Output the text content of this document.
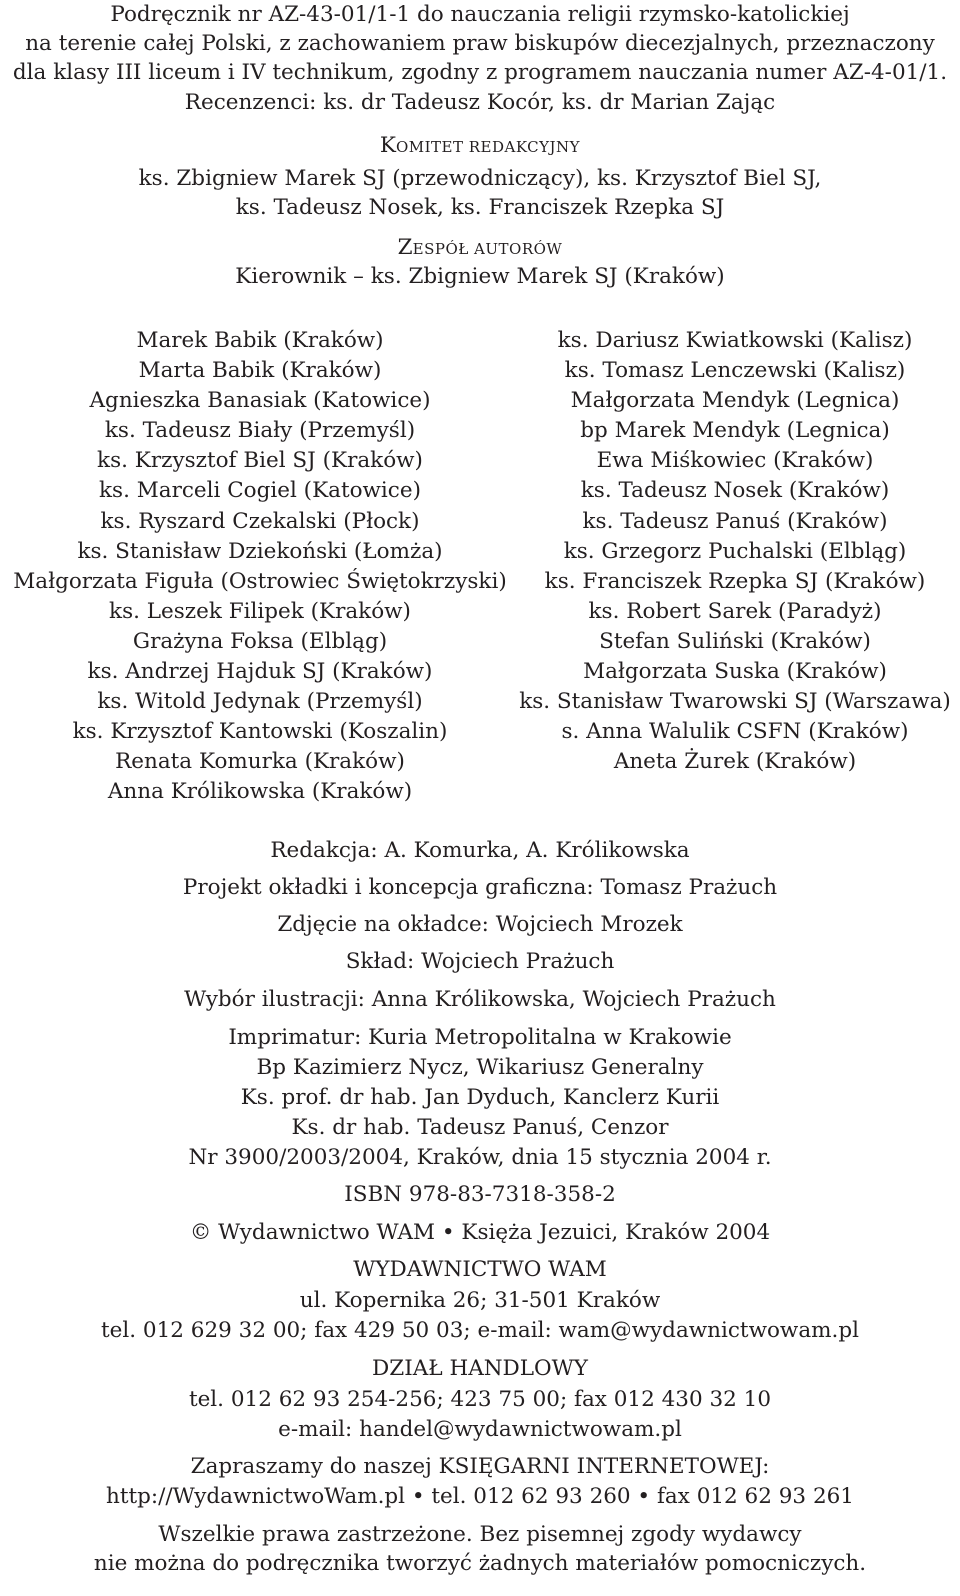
Podręcznik nr AZ-43-01/1-1 do nauczania religii rzymsko-katolickiej
na terenie całej Polski, z zachowaniem praw biskupów diecezjalnych, przeznaczony
dla klasy III liceum i IV technikum, zgodny z programem nauczania numer AZ-4-01/1.
Recenzenci: ks. dr Tadeusz Kocór, ks. dr Marian Zając
KOMITET REDAKCYJNY
ks. Zbigniew Marek SJ (przewodniczący), ks. Krzysztof Biel SJ,
ks. Tadeusz Nosek, ks. Franciszek Rzepka SJ
ZESPÓŁ AUTORÓW
Kierownik – ks. Zbigniew Marek SJ (Kraków)
Marek Babik (Kraków)
Marta Babik (Kraków)
Agnieszka Banasiak (Katowice)
ks. Tadeusz Biały (Przemyśl)
ks. Krzysztof Biel SJ (Kraków)
ks. Marceli Cogiel (Katowice)
ks. Ryszard Czekalski (Płock)
ks. Stanisław Dziekoński (Łomża)
Małgorzata Figuła (Ostrowiec Świętokrzyski)
ks. Leszek Filipek (Kraków)
Grażyna Foksa (Elbląg)
ks. Andrzej Hajduk SJ (Kraków)
ks. Witold Jedynak (Przemyśl)
ks. Krzysztof Kantowski (Koszalin)
Renata Komurka (Kraków)
Anna Królikowska (Kraków)
ks. Dariusz Kwiatkowski (Kalisz)
ks. Tomasz Lenczewski (Kalisz)
Małgorzata Mendyk (Legnica)
bp Marek Mendyk (Legnica)
Ewa Miśkowiec (Kraków)
ks. Tadeusz Nosek (Kraków)
ks. Tadeusz Panuś (Kraków)
ks. Grzegorz Puchalski (Elbląg)
ks. Franciszek Rzepka SJ (Kraków)
ks. Robert Sarek (Paradyż)
Stefan Suliński (Kraków)
Małgorzata Suska (Kraków)
ks. Stanisław Twarowski SJ (Warszawa)
s. Anna Walulik CSFN (Kraków)
Aneta Żurek (Kraków)
Redakcja: A. Komurka, A. Królikowska
Projekt okładki i koncepcja graficzna: Tomasz Prażuch
Zdjęcie na okładce: Wojciech Mrozek
Skład: Wojciech Prażuch
Wybór ilustracji: Anna Królikowska, Wojciech Prażuch
Imprimatur: Kuria Metropolitalna w Krakowie
Bp Kazimierz Nycz, Wikariusz Generalny
Ks. prof. dr hab. Jan Dyduch, Kanclerz Kurii
Ks. dr hab. Tadeusz Panuś, Cenzor
Nr 3900/2003/2004, Kraków, dnia 15 stycznia 2004 r.
ISBN 978-83-7318-358-2
© Wydawnictwo WAM • Księża Jezuici, Kraków 2004
WYDAWNICTWO WAM
ul. Kopernika 26; 31-501 Kraków
tel. 012 629 32 00; fax 429 50 03; e-mail: wam@wydawnictwowam.pl
DZIAŁ HANDLOWY
tel. 012 62 93 254-256; 423 75 00; fax 012 430 32 10
e-mail: handel@wydawnictwowam.pl
Zapraszamy do naszej KSIĘGARNI INTERNETOWEJ:
http://WydawnictwoWam.pl • tel. 012 62 93 260 • fax 012 62 93 261
Wszelkie prawa zastrzeżone. Bez pisemnej zgody wydawcy
nie można do podręcznika tworzyć żadnych materiałów pomocniczych.
